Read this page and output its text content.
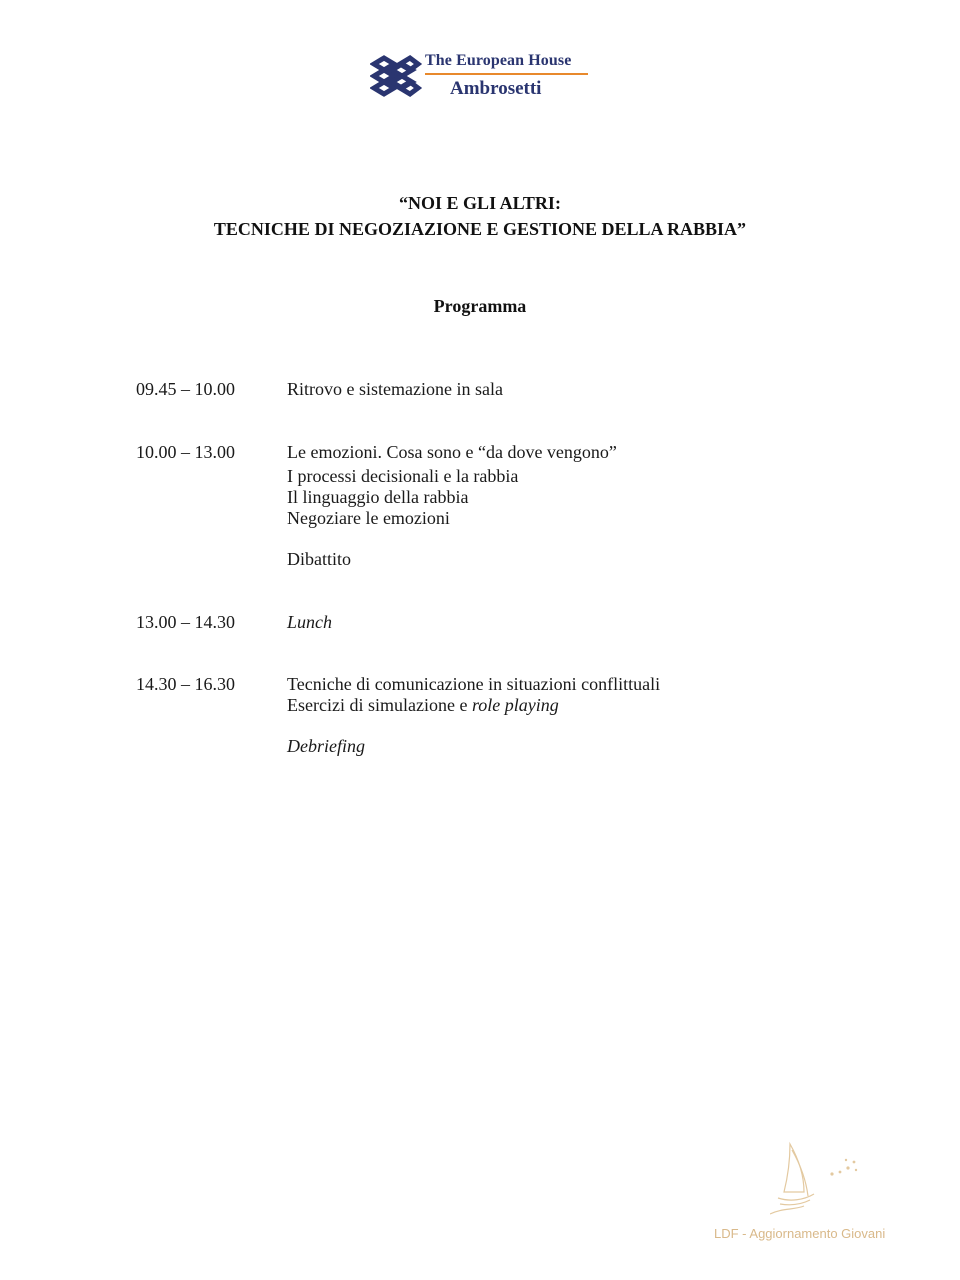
The European House
Ambrosetti
“NOI E GLI ALTRI:
TECNICHE DI NEGOZIAZIONE E GESTIONE DELLA RABBIA”
Programma
09.45 – 10.00	Ritrovo e sistemazione in sala
10.00 – 13.00	Le emozioni. Cosa sono e “da dove vengono”
I processi decisionali e la rabbia
Il linguaggio della rabbia
Negoziare le emozioni
Dibattito
13.00 – 14.30	Lunch
14.30 – 16.30	Tecniche di comunicazione in situazioni conflittuali
Esercizi di simulazione e role playing
Debriefing
LDF - Aggiornamento Giovani
